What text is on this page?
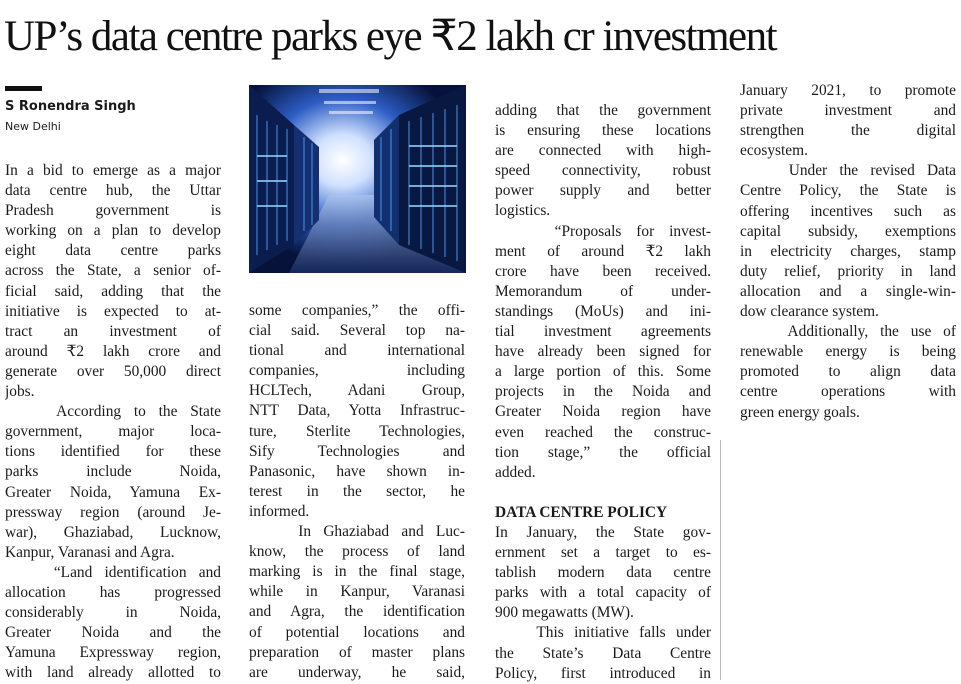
UP’s data centre parks eye ₹2 lakh cr investment
S Ronendra Singh
New Delhi
In a bid to emerge as a major
data centre hub, the Uttar
Pradesh government is
working on a plan to develop
eight data centre parks
across the State, a senior of-
ficial said, adding that the
initiative is expected to at-
tract an investment of
around ₹2 lakh crore and
generate over 50,000 direct
jobs.
According to the State
government, major loca-
tions identified for these
parks include Noida,
Greater Noida, Yamuna Ex-
pressway region (around Je-
war), Ghaziabad, Lucknow,
Kanpur, Varanasi and Agra.
“Land identification and
allocation has progressed
considerably in Noida,
Greater Noida and the
Yamuna Expressway region,
with land already allotted to
some companies,” the offi-
cial said. Several top na-
tional and international
companies, including
HCLTech, Adani Group,
NTT Data, Yotta Infrastruc-
ture, Sterlite Technologies,
Sify Technologies and
Panasonic, have shown in-
terest in the sector, he
informed.
In Ghaziabad and Luc-
know, the process of land
marking is in the final stage,
while in Kanpur, Varanasi
and Agra, the identification
of potential locations and
preparation of master plans
are underway, he said,
adding that the government
is ensuring these locations
are connected with high-
speed connectivity, robust
power supply and better
logistics.
“Proposals for invest-
ment of around ₹2 lakh
crore have been received.
Memorandum of under-
standings (MoUs) and ini-
tial investment agreements
have already been signed for
a large portion of this. Some
projects in the Noida and
Greater Noida region have
even reached the construc-
tion stage,” the official
added.
DATA CENTRE POLICY
In January, the State gov-
ernment set a target to es-
tablish modern data centre
parks with a total capacity of
900 megawatts (MW).
This initiative falls under
the State’s Data Centre
Policy, first introduced in
January 2021, to promote
private investment and
strengthen the digital
ecosystem.
Under the revised Data
Centre Policy, the State is
offering incentives such as
capital subsidy, exemptions
in electricity charges, stamp
duty relief, priority in land
allocation and a single-win-
dow clearance system.
Additionally, the use of
renewable energy is being
promoted to align data
centre operations with
green energy goals.
